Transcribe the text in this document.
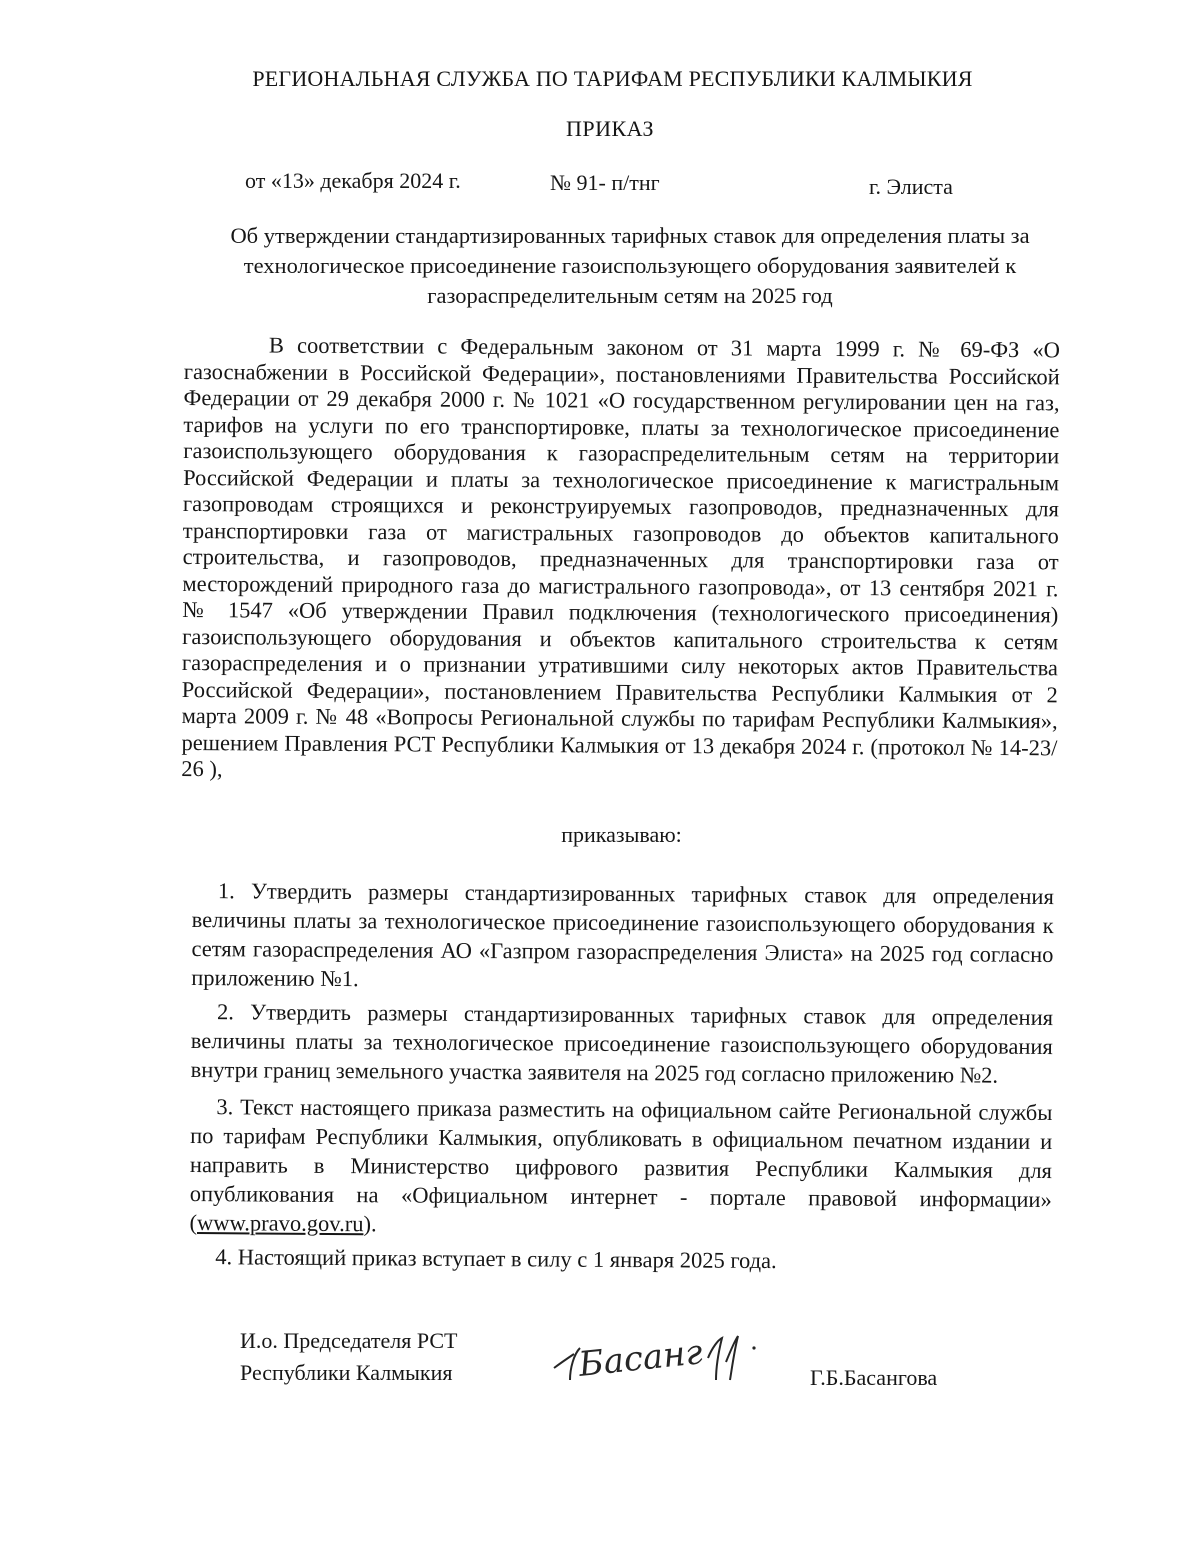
РЕГИОНАЛЬНАЯ СЛУЖБА ПО ТАРИФАМ РЕСПУБЛИКИ КАЛМЫКИЯ
ПРИКАЗ
от «13» декабря 2024 г.	№ 91- п/тнг	г. Элиста
Об утверждении стандартизированных тарифных ставок для определения платы за технологическое присоединение газоиспользующего оборудования заявителей к газораспределительным сетям на 2025 год
В соответствии с Федеральным законом от 31 марта 1999 г. № 69-ФЗ «О газоснабжении в Российской Федерации», постановлениями Правительства Российской Федерации от 29 декабря 2000 г. № 1021 «О государственном регулировании цен на газ, тарифов на услуги по его транспортировке, платы за технологическое присоединение газоиспользующего оборудования к газораспределительным сетям на территории Российской Федерации и платы за технологическое присоединение к магистральным газопроводам строящихся и реконструируемых газопроводов, предназначенных для транспортировки газа от магистральных газопроводов до объектов капитального строительства, и газопроводов, предназначенных для транспортировки газа от месторождений природного газа до магистрального газопровода», от 13 сентября 2021 г. № 1547 «Об утверждении Правил подключения (технологического присоединения) газоиспользующего оборудования и объектов капитального строительства к сетям газораспределения и о признании утратившими силу некоторых актов Правительства Российской Федерации», постановлением Правительства Республики Калмыкия от 2 марта 2009 г. № 48 «Вопросы Региональной службы по тарифам Республики Калмыкия», решением Правления РСТ Республики Калмыкия от 13 декабря 2024 г. (протокол № 14-23/ 26 ),
приказываю:

1. Утвердить размеры стандартизированных тарифных ставок для определения величины платы за технологическое присоединение газоиспользующего оборудования к сетям газораспределения АО «Газпром газораспределения Элиста» на 2025 год согласно приложению №1.

2. Утвердить размеры стандартизированных тарифных ставок для определения величины платы за технологическое присоединение газоиспользующего оборудования внутри границ земельного участка заявителя на 2025 год согласно приложению №2.

3. Текст настоящего приказа разместить на официальном сайте Региональной службы по тарифам Республики Калмыкия, опубликовать в официальном печатном издании и направить в Министерство цифрового развития Республики Калмыкия для опубликования на «Официальном интернет - портале правовой информации» (www.pravo.gov.ru).

4. Настоящий приказ вступает в силу с 1 января 2025 года.

И.о. Председателя РСТ
Республики Калмыкия	Басанг	Г.Б.Басангова
